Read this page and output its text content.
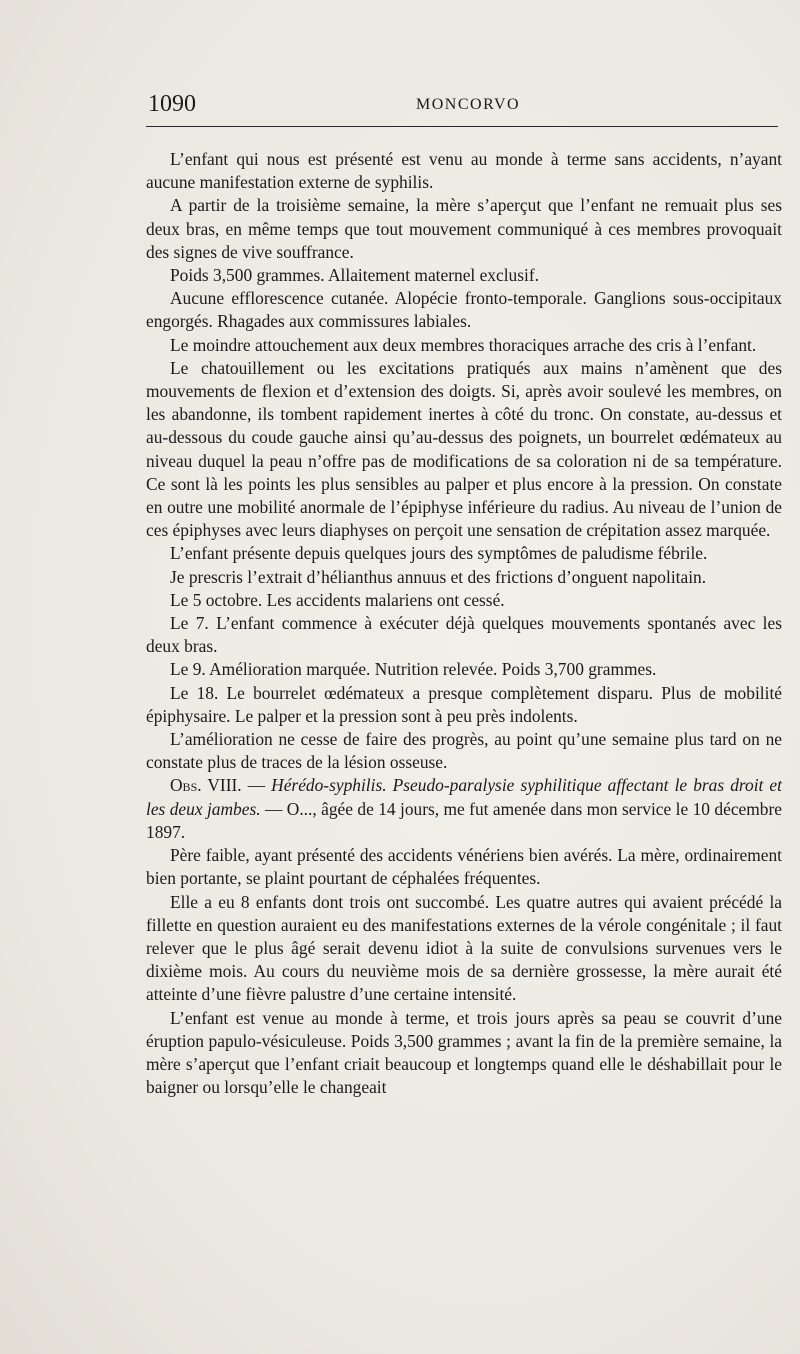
1090	MONCORVO

L’enfant qui nous est présenté est venu au monde à terme sans accidents, n’ayant aucune manifestation externe de syphilis.

A partir de la troisième semaine, la mère s’aperçut que l’enfant ne remuait plus ses deux bras, en même temps que tout mouvement communiqué à ces membres provoquait des signes de vive souffrance.

Poids 3,500 grammes. Allaitement maternel exclusif.

Aucune efflorescence cutanée. Alopécie fronto-temporale. Ganglions sous-occipitaux engorgés. Rhagades aux commissures labiales.

Le moindre attouchement aux deux membres thoraciques arrache des cris à l’enfant.

Le chatouillement ou les excitations pratiqués aux mains n’amènent que des mouvements de flexion et d’extension des doigts. Si, après avoir soulevé les membres, on les abandonne, ils tombent rapidement inertes à côté du tronc. On constate, au-dessus et au-dessous du coude gauche ainsi qu’au-dessus des poignets, un bourrelet œdémateux au niveau duquel la peau n’offre pas de modifications de sa coloration ni de sa température. Ce sont là les points les plus sensibles au palper et plus encore à la pression. On constate en outre une mobilité anormale de l’épiphyse inférieure du radius. Au niveau de l’union de ces épiphyses avec leurs diaphyses on perçoit une sensation de crépitation assez marquée.

L’enfant présente depuis quelques jours des symptômes de paludisme fébrile.

Je prescris l’extrait d’hélianthus annuus et des frictions d’onguent napolitain.

Le 5 octobre. Les accidents malariens ont cessé.

Le 7. L’enfant commence à exécuter déjà quelques mouvements spontanés avec les deux bras.

Le 9. Amélioration marquée. Nutrition relevée. Poids 3,700 grammes.

Le 18. Le bourrelet œdémateux a presque complètement disparu. Plus de mobilité épiphysaire. Le palper et la pression sont à peu près indolents.

L’amélioration ne cesse de faire des progrès, au point qu’une semaine plus tard on ne constate plus de traces de la lésion osseuse.

Obs. VIII. — Hérédo-syphilis. Pseudo-paralysie syphilitique affectant le bras droit et les deux jambes. — O..., âgée de 14 jours, me fut amenée dans mon service le 10 décembre 1897.

Père faible, ayant présenté des accidents vénériens bien avérés. La mère, ordinairement bien portante, se plaint pourtant de céphalées fréquentes.

Elle a eu 8 enfants dont trois ont succombé. Les quatre autres qui avaient précédé la fillette en question auraient eu des manifestations externes de la vérole congénitale ; il faut relever que le plus âgé serait devenu idiot à la suite de convulsions survenues vers le dixième mois. Au cours du neuvième mois de sa dernière grossesse, la mère aurait été atteinte d’une fièvre palustre d’une certaine intensité.

L’enfant est venue au monde à terme, et trois jours après sa peau se couvrit d’une éruption papulo-vésiculeuse. Poids 3,500 grammes ; avant la fin de la première semaine, la mère s’aperçut que l’enfant criait beaucoup et longtemps quand elle le déshabillait pour le baigner ou lorsqu’elle le changeait
